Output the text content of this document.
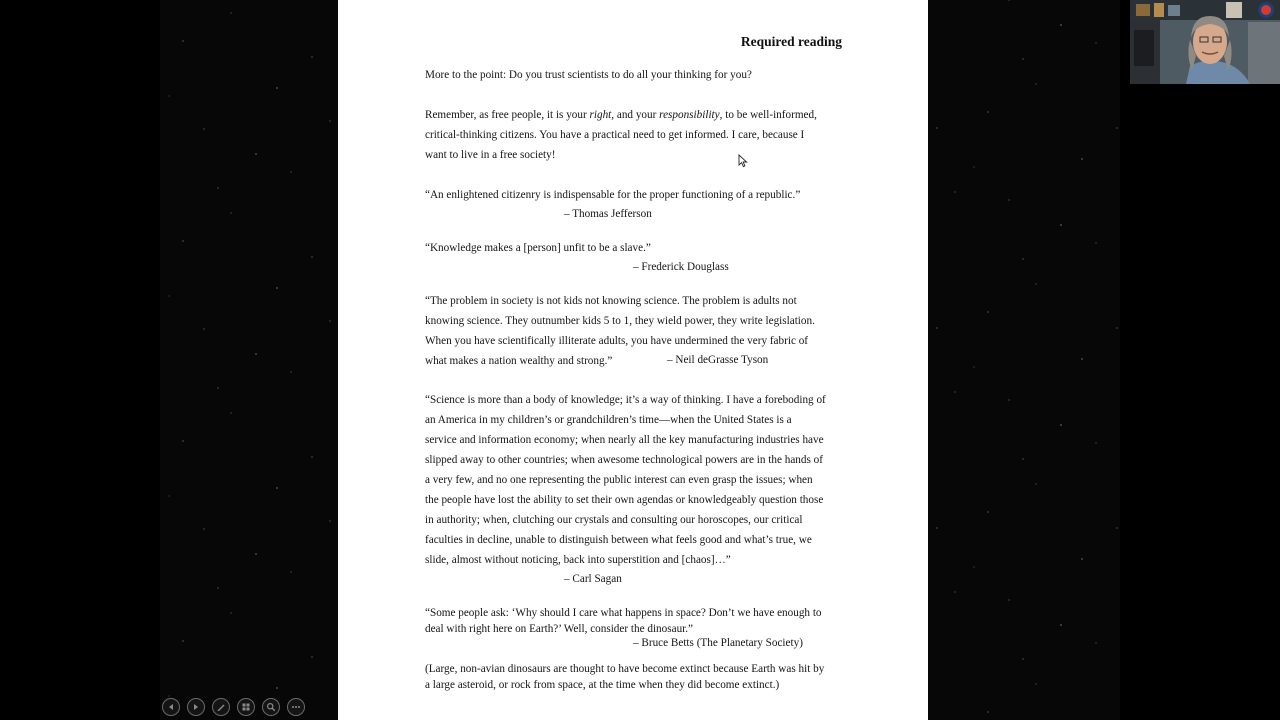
Required reading
More to the point: Do you trust scientists to do all your thinking for you?
Remember, as free people, it is your right, and your responsibility, to be well-informed,
critical-thinking citizens. You have a practical need to get informed. I care, because I
want to live in a free society!
“An enlightened citizenry is indispensable for the proper functioning of a republic.”
– Thomas Jefferson
“Knowledge makes a [person] unfit to be a slave.”
– Frederick Douglass
“The problem in society is not kids not knowing science. The problem is adults not
knowing science. They outnumber kids 5 to 1, they wield power, they write legislation.
When you have scientifically illiterate adults, you have undermined the very fabric of
what makes a nation wealthy and strong.”	– Neil deGrasse Tyson
“Science is more than a body of knowledge; it’s a way of thinking. I have a foreboding of
an America in my children’s or grandchildren’s time—when the United States is a
service and information economy; when nearly all the key manufacturing industries have
slipped away to other countries; when awesome technological powers are in the hands of
a very few, and no one representing the public interest can even grasp the issues; when
the people have lost the ability to set their own agendas or knowledgeably question those
in authority; when, clutching our crystals and consulting our horoscopes, our critical
faculties in decline, unable to distinguish between what feels good and what’s true, we
slide, almost without noticing, back into superstition and [chaos]…”
– Carl Sagan
“Some people ask: ‘Why should I care what happens in space? Don’t we have enough to
deal with right here on Earth?’ Well, consider the dinosaur.”
– Bruce Betts (The Planetary Society)
(Large, non-avian dinosaurs are thought to have become extinct because Earth was hit by
a large asteroid, or rock from space, at the time when they did become extinct.)
